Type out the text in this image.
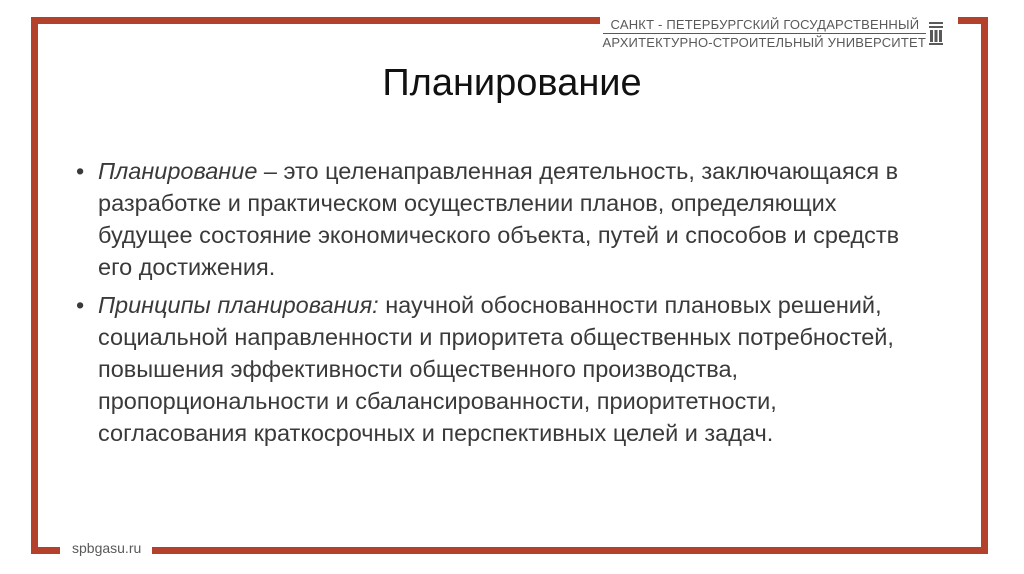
САНКТ - ПЕТЕРБУРГСКИЙ ГОСУДАРСТВЕННЫЙ
АРХИТЕКТУРНО-СТРОИТЕЛЬНЫЙ УНИВЕРСИТЕТ
Планирование
• Планирование – это целенаправленная деятельность, заключающаяся в разработке и практическом осуществлении планов, определяющих будущее состояние экономического объекта, путей и способов и средств его достижения.
• Принципы планирования: научной обоснованности плановых решений, социальной направленности и приоритета общественных потребностей, повышения эффективности общественного производства, пропорциональности и сбалансированности, приоритетности, согласования краткосрочных и перспективных целей и задач.
spbgasu.ru
